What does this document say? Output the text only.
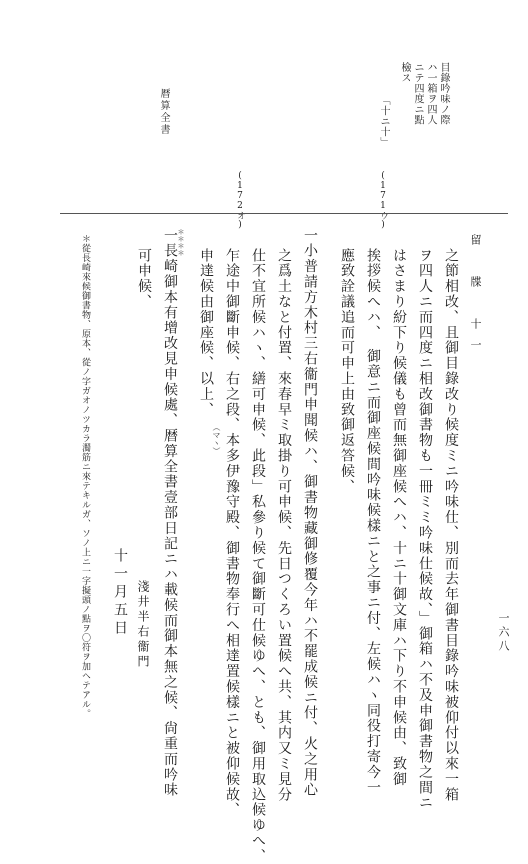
留　牒　十一
一六八
目錄吟味ノ際
ハ一箱ヲ四人
ニテ四度ニ點
檢ス
「十ニ十」
暦算全書
(171ウ)
(172オ)
之節相改、且御目錄改り候度ミニ吟味仕、別而去年御書目錄吟味被仰付以來一箱
ヲ四人ニ而四度ニ相改御書物も一冊ミミ吟味仕候故、」御箱ハ不及申御書物之間ニ
はさまり紛下り候儀も曾而無御座候へハ、十ニ十御文庫ハ下り不申候由、致御
挨拶候へハ、　御意ニ而御座候間吟味候樣ニと之事ニ付、左候ハヽ同役打寄今一
應致詮議追而可申上由致御返答候、
一小普請方木村三右衞門申聞候ハ、御書物藏御修覆今年ハ不罷成候ニ付、火之用心
之爲土なと付置、來春早ミ取掛り可申候、先日つくろい置候へ共、其内又ミ見分
仕不宜所候ハヽ、繕可申候、此段」私參り候て御斷可仕候ゆへ、とも、御用取込候ゆへ、
乍途中御斷申候、右之段、本多伊豫守殿、御書物奉行へ相達置候樣ニと被仰候故、
申達候由御座候、以上、
一長崎御本有增改見申候處、暦算全書壹部日記ニハ載候而御本無之候、尙重而吟味
可申候、
（マヽ）
＊＊＊＊
十一月五日 淺井半右衞門
＊從長崎來候御書物、原本、從ノ字ガオノツカラ濁筋ニ來テキルガ、ソノ上ニ一字擬頭ノ點ヲ〇符ヲ加ヘテアル。
